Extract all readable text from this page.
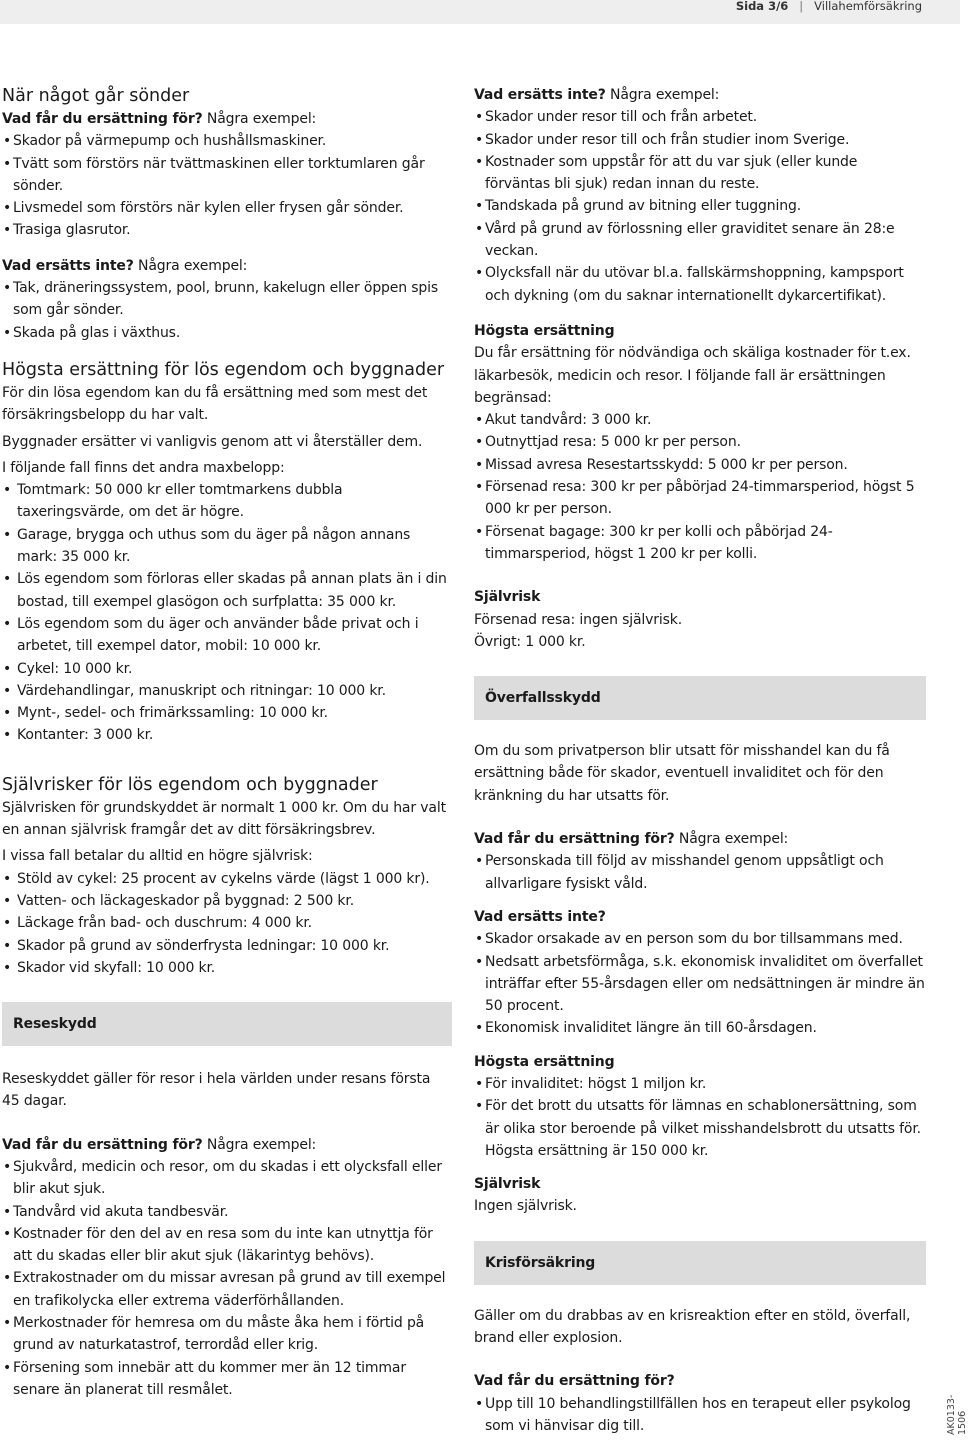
Sida 3/6 | Villahemförsäkring
AK0133-1506

När något går sönder

Vad får du ersättning för? Några exempel:

• Skador på värmepump och hushållsmaskiner.
• Tvätt som förstörs när tvättmaskinen eller torktumlaren går sönder.
• Livsmedel som förstörs när kylen eller frysen går sönder.
• Trasiga glasrutor.

Vad ersätts inte? Några exempel:

• Tak, dräneringssystem, pool, brunn, kakelugn eller öppen spis som går sönder.
• Skada på glas i växthus.

Högsta ersättning för lös egendom och byggnader

För din lösa egendom kan du få ersättning med som mest det försäkringsbelopp du har valt.

Byggnader ersätter vi vanligvis genom att vi återställer dem.

I följande fall finns det andra maxbelopp:

• Tomtmark: 50 000 kr eller tomtmarkens dubbla taxeringsvärde, om det är högre.
• Garage, brygga och uthus som du äger på någon annans mark: 35 000 kr.
• Lös egendom som förloras eller skadas på annan plats än i din bostad, till exempel glasögon och surfplatta: 35 000 kr.
• Lös egendom som du äger och använder både privat och i arbetet, till exempel dator, mobil: 10 000 kr.
• Cykel: 10 000 kr.
• Värdehandlingar, manuskript och ritningar: 10 000 kr.
• Mynt-, sedel- och frimärkssamling: 10 000 kr.
• Kontanter: 3 000 kr.

Självrisker för lös egendom och byggnader

Självrisken för grundskyddet är normalt 1 000 kr. Om du har valt en annan självrisk framgår det av ditt försäkringsbrev.

I vissa fall betalar du alltid en högre självrisk:

• Stöld av cykel: 25 procent av cykelns värde (lägst 1 000 kr).
• Vatten- och läckageskador på byggnad: 2 500 kr.
• Läckage från bad- och duschrum: 4 000 kr.
• Skador på grund av sönderfrysta ledningar: 10 000 kr.
• Skador vid skyfall: 10 000 kr.
Reseskydd

Reseskyddet gäller för resor i hela världen under resans första 45 dagar.

Vad får du ersättning för? Några exempel:

• Sjukvård, medicin och resor, om du skadas i ett olycksfall eller blir akut sjuk.
• Tandvård vid akuta tandbesvär.
• Kostnader för den del av en resa som du inte kan utnyttja för att du skadas eller blir akut sjuk (läkarintyg behövs).
• Extrakostnader om du missar avresan på grund av till exempel en trafikolycka eller extrema väderförhållanden.
• Merkostnader för hemresa om du måste åka hem i förtid på grund av naturkatastrof, terrordåd eller krig.
• Försening som innebär att du kommer mer än 12 timmar senare än planerat till resmålet.

Vad ersätts inte? Några exempel:

• Skador under resor till och från arbetet.
• Skador under resor till och från studier inom Sverige.
• Kostnader som uppstår för att du var sjuk (eller kunde förväntas bli sjuk) redan innan du reste.
• Tandskada på grund av bitning eller tuggning.
• Vård på grund av förlossning eller graviditet senare än 28:e veckan.
• Olycksfall när du utövar bl.a. fallskärmshoppning, kampsport och dykning (om du saknar internationellt dykarcertifikat).

Högsta ersättning

Du får ersättning för nödvändiga och skäliga kostnader för t.ex. läkarbesök, medicin och resor. I följande fall är ersättningen begränsad:

• Akut tandvård: 3 000 kr.
• Outnyttjad resa: 5 000 kr per person.
• Missad avresa Resestartsskydd: 5 000 kr per person.
• Försenad resa: 300 kr per påbörjad 24-timmarsperiod, högst 5 000 kr per person.
• Försenat bagage: 300 kr per kolli och påbörjad 24-timmarsperiod, högst 1 200 kr per kolli.

Självrisk

Försenad resa: ingen självrisk.

Övrigt: 1 000 kr.

Överfallsskydd

Om du som privatperson blir utsatt för misshandel kan du få ersättning både för skador, eventuell invaliditet och för den kränkning du har utsatts för.

Vad får du ersättning för? Några exempel:

• Personskada till följd av misshandel genom uppsåtligt och allvarligare fysiskt våld.

Vad ersätts inte?

• Skador orsakade av en person som du bor tillsammans med.
• Nedsatt arbetsförmåga, s.k. ekonomisk invaliditet om överfallet inträffar efter 55-årsdagen eller om nedsättningen är mindre än 50 procent.
• Ekonomisk invaliditet längre än till 60-årsdagen.

Högsta ersättning

• För invaliditet: högst 1 miljon kr.
• För det brott du utsatts för lämnas en schablonersättning, som är olika stor beroende på vilket misshandelsbrott du utsatts för. Högsta ersättning är 150 000 kr.

Självrisk

Ingen självrisk.

Krisförsäkring

Gäller om du drabbas av en krisreaktion efter en stöld, överfall, brand eller explosion.

Vad får du ersättning för?

• Upp till 10 behandlingstillfällen hos en terapeut eller psykolog som vi hänvisar dig till.
